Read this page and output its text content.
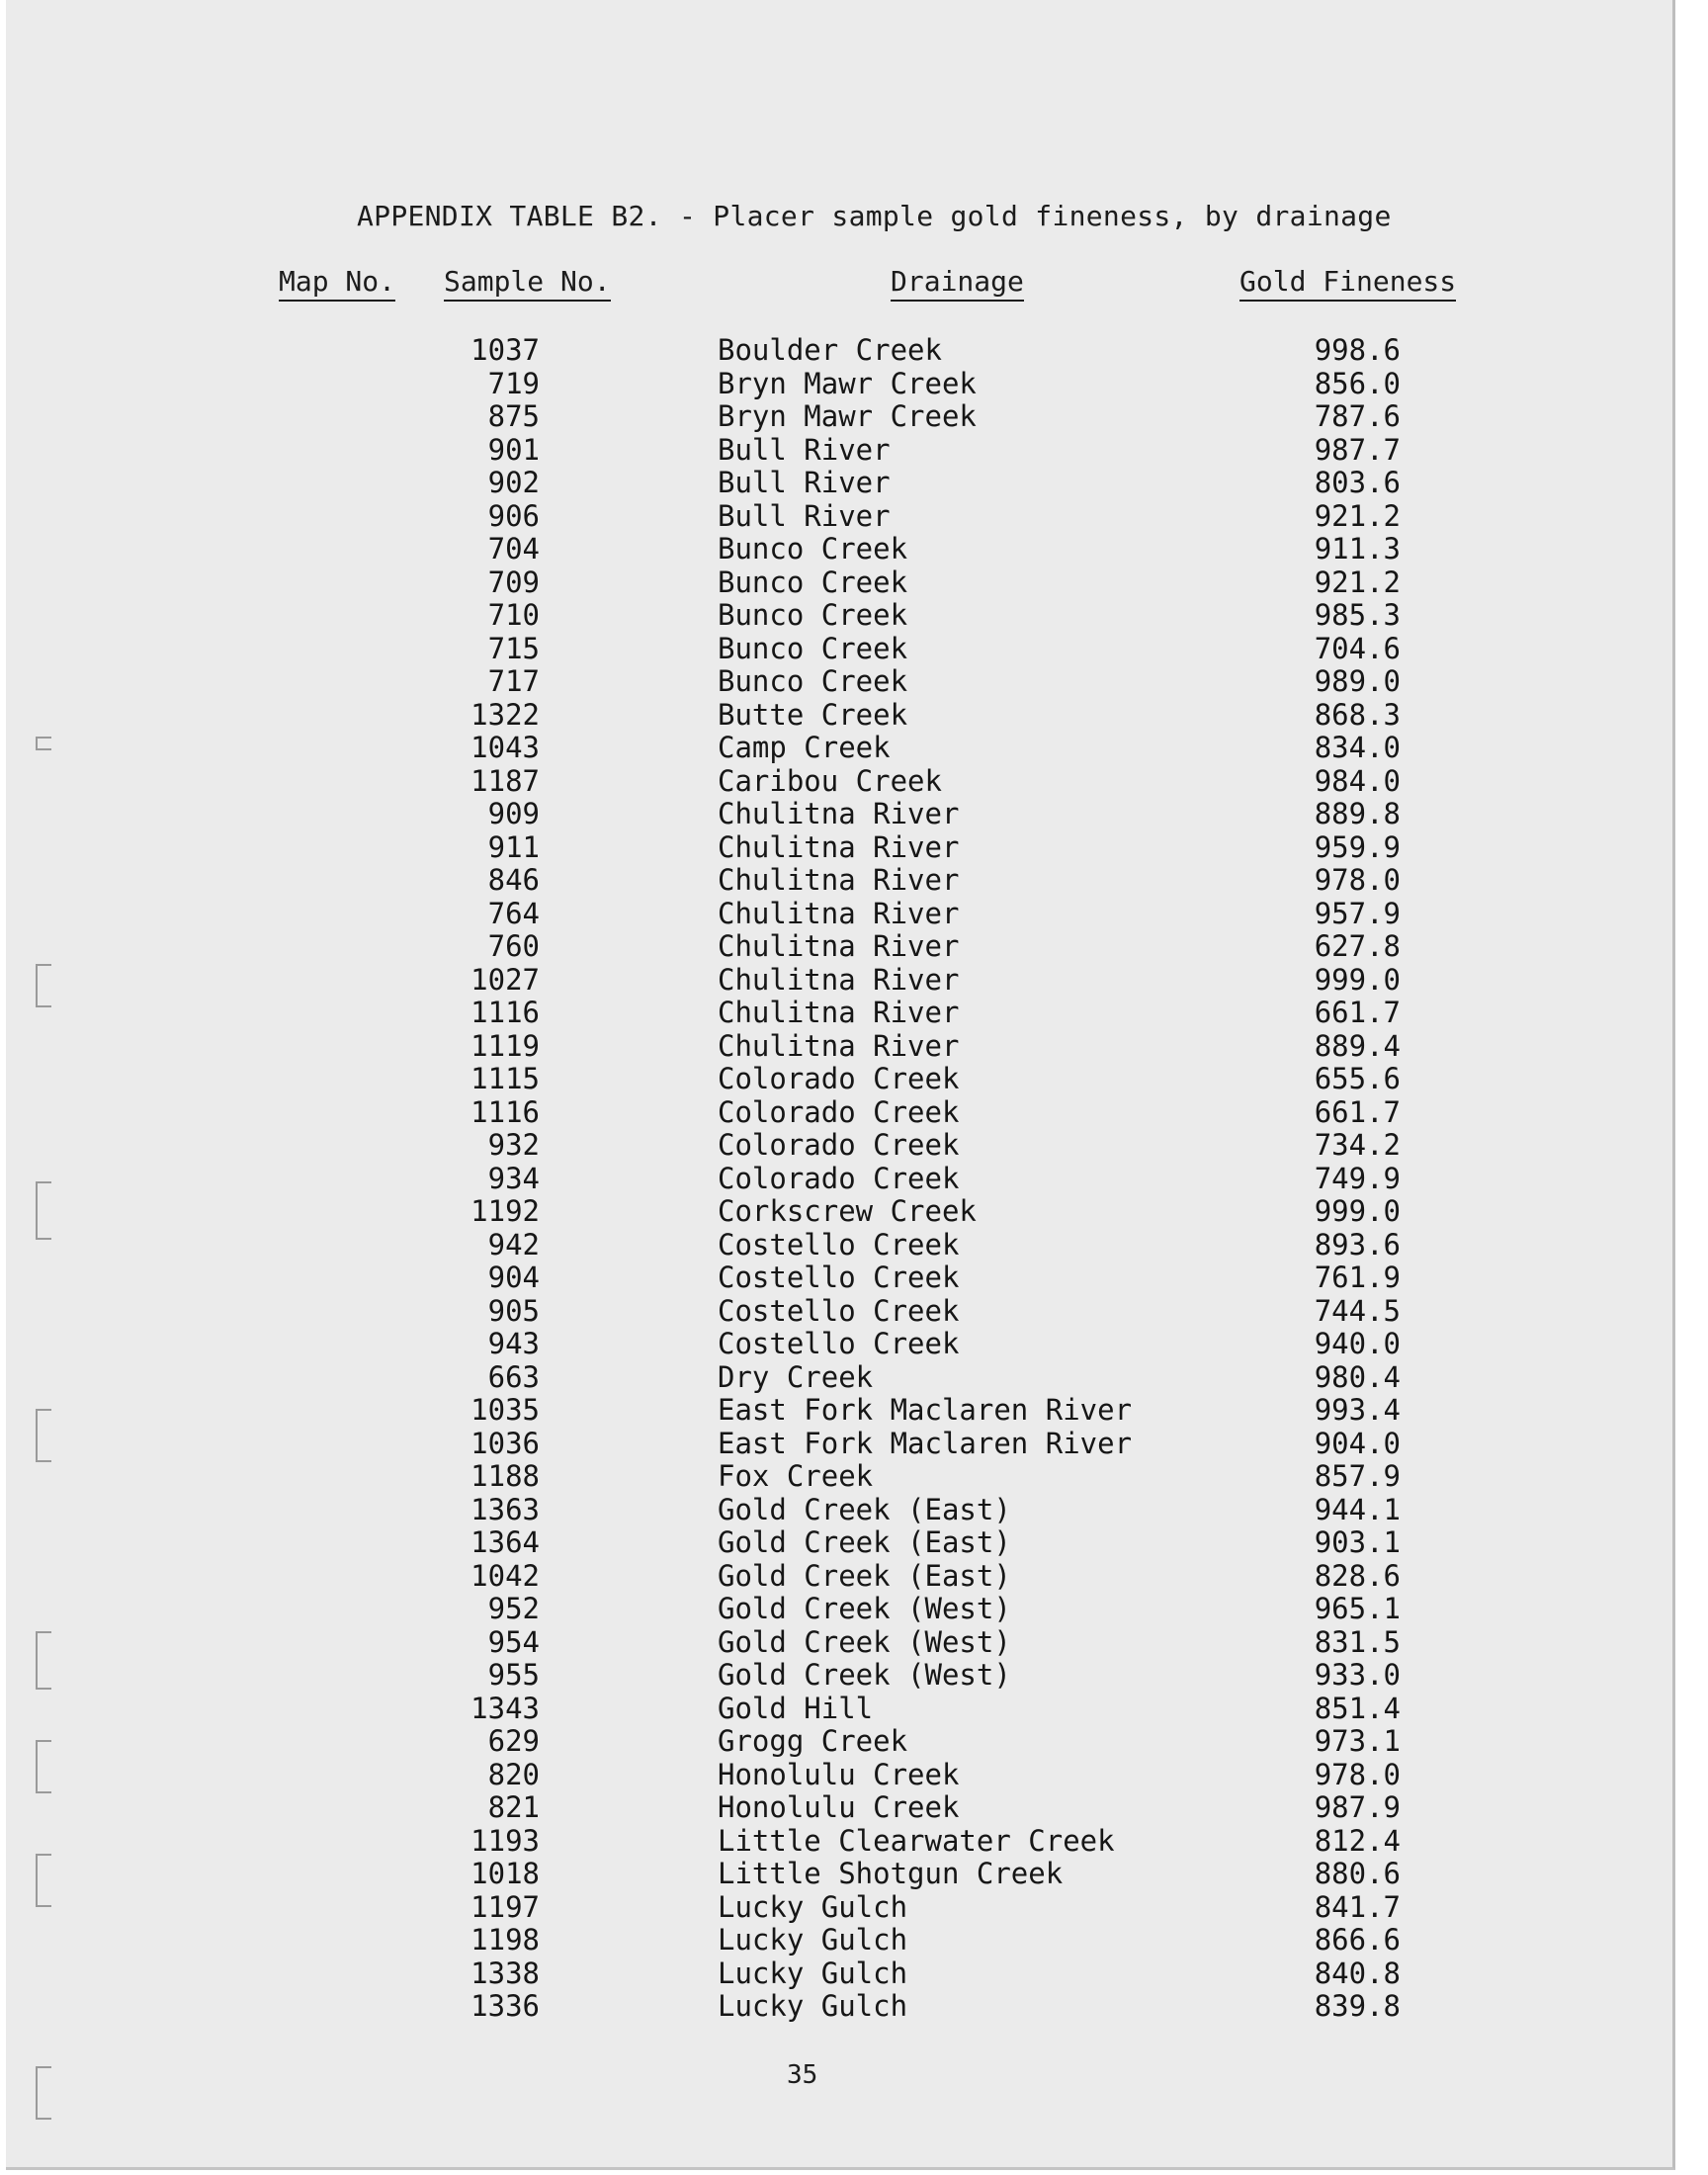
APPENDIX TABLE B2. - Placer sample gold fineness, by drainage
Map No. Sample No.	Drainage	Gold Fineness
1037	Boulder Creek	998.6
719	Bryn Mawr Creek	856.0
875	Bryn Mawr Creek	787.6
901	Bull River	987.7
902	Bull River	803.6
906	Bull River	921.2
704	Bunco Creek	911.3
709	Bunco Creek	921.2
710	Bunco Creek	985.3
715	Bunco Creek	704.6
717	Bunco Creek	989.0
1322	Butte Creek	868.3
1043	Camp Creek	834.0
1187	Caribou Creek	984.0
909	Chulitna River	889.8
911	Chulitna River	959.9
846	Chulitna River	978.0
764	Chulitna River	957.9
760	Chulitna River	627.8
1027	Chulitna River	999.0
1116	Chulitna River	661.7
1119	Chulitna River	889.4
1115	Colorado Creek	655.6
1116	Colorado Creek	661.7
932	Colorado Creek	734.2
934	Colorado Creek	749.9
1192	Corkscrew Creek	999.0
942	Costello Creek	893.6
904	Costello Creek	761.9
905	Costello Creek	744.5
943	Costello Creek	940.0
663	Dry Creek	980.4
1035	East Fork Maclaren River	993.4
1036	East Fork Maclaren River	904.0
1188	Fox Creek	857.9
1363	Gold Creek (East)	944.1
1364	Gold Creek (East)	903.1
1042	Gold Creek (East)	828.6
952	Gold Creek (West)	965.1
954	Gold Creek (West)	831.5
955	Gold Creek (West)	933.0
1343	Gold Hill	851.4
629	Grogg Creek	973.1
820	Honolulu Creek	978.0
821	Honolulu Creek	987.9
1193	Little Clearwater Creek	812.4
1018	Little Shotgun Creek	880.6
1197	Lucky Gulch	841.7
1198	Lucky Gulch	866.6
1338	Lucky Gulch	840.8
1336	Lucky Gulch	839.8
35
